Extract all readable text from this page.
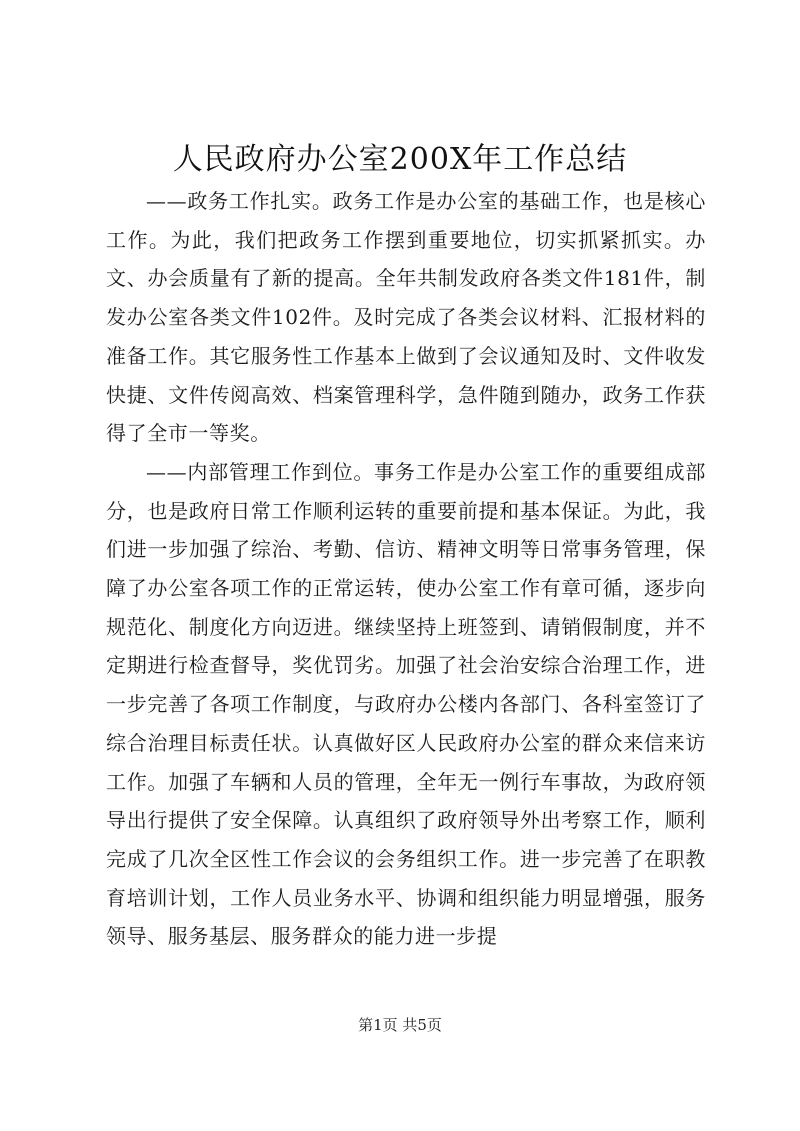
人民政府办公室200X年工作总结

——政务工作扎实。政务工作是办公室的基础工作，也是核心工作。为此，我们把政务工作摆到重要地位，切实抓紧抓实。办文、办会质量有了新的提高。全年共制发政府各类文件181件，制发办公室各类文件102件。及时完成了各类会议材料、汇报材料的准备工作。其它服务性工作基本上做到了会议通知及时、文件收发快捷、文件传阅高效、档案管理科学，急件随到随办，政务工作获得了全市一等奖。

——内部管理工作到位。事务工作是办公室工作的重要组成部分，也是政府日常工作顺利运转的重要前提和基本保证。为此，我们进一步加强了综治、考勤、信访、精神文明等日常事务管理，保障了办公室各项工作的正常运转，使办公室工作有章可循，逐步向规范化、制度化方向迈进。继续坚持上班签到、请销假制度，并不定期进行检查督导，奖优罚劣。加强了社会治安综合治理工作，进一步完善了各项工作制度，与政府办公楼内各部门、各科室签订了综合治理目标责任状。认真做好区人民政府办公室的群众来信来访工作。加强了车辆和人员的管理，全年无一例行车事故，为政府领导出行提供了安全保障。认真组织了政府领导外出考察工作，顺利完成了几次全区性工作会议的会务组织工作。进一步完善了在职教育培训计划，工作人员业务水平、协调和组织能力明显增强，服务领导、服务基层、服务群众的能力进一步提

第1页 共5页
